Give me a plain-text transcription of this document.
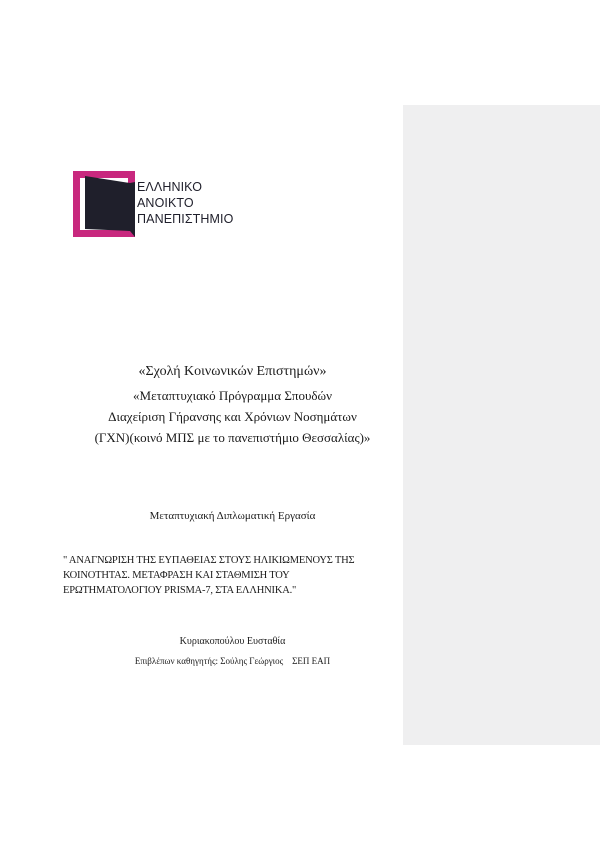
ΕΛΛΗΝΙΚΟ
ΑΝΟΙΚΤΟ
ΠΑΝΕΠΙΣΤΗΜΙΟ
«Σχολή Κοινωνικών Επιστημών»
«Μεταπτυχιακό Πρόγραμμα Σπουδών
Διαχείριση Γήρανσης και Χρόνιων Νοσημάτων
(ΓΧΝ)(κοινό ΜΠΣ με το πανεπιστήμιο Θεσσαλίας)»
Μεταπτυχιακή Διπλωματική Εργασία
" ΑΝΑΓΝΩΡΙΣΗ ΤΗΣ ΕΥΠΑΘΕΙΑΣ ΣΤΟΥΣ ΗΛΙΚΙΩΜΕΝΟΥΣ ΤΗΣ
ΚΟΙΝΟΤΗΤΑΣ. ΜΕΤΑΦΡΑΣΗ ΚΑΙ ΣΤΑΘΜΙΣΗ ΤΟΥ
ΕΡΩΤΗΜΑΤΟΛΟΓΙΟΥ PRISMA-7, ΣΤΑ ΕΛΛΗΝΙΚΑ."
Κυριακοπούλου Ευσταθία
Επιβλέπων καθηγητής: Σούλης Γεώργιος ΣΕΠ ΕΑΠ
